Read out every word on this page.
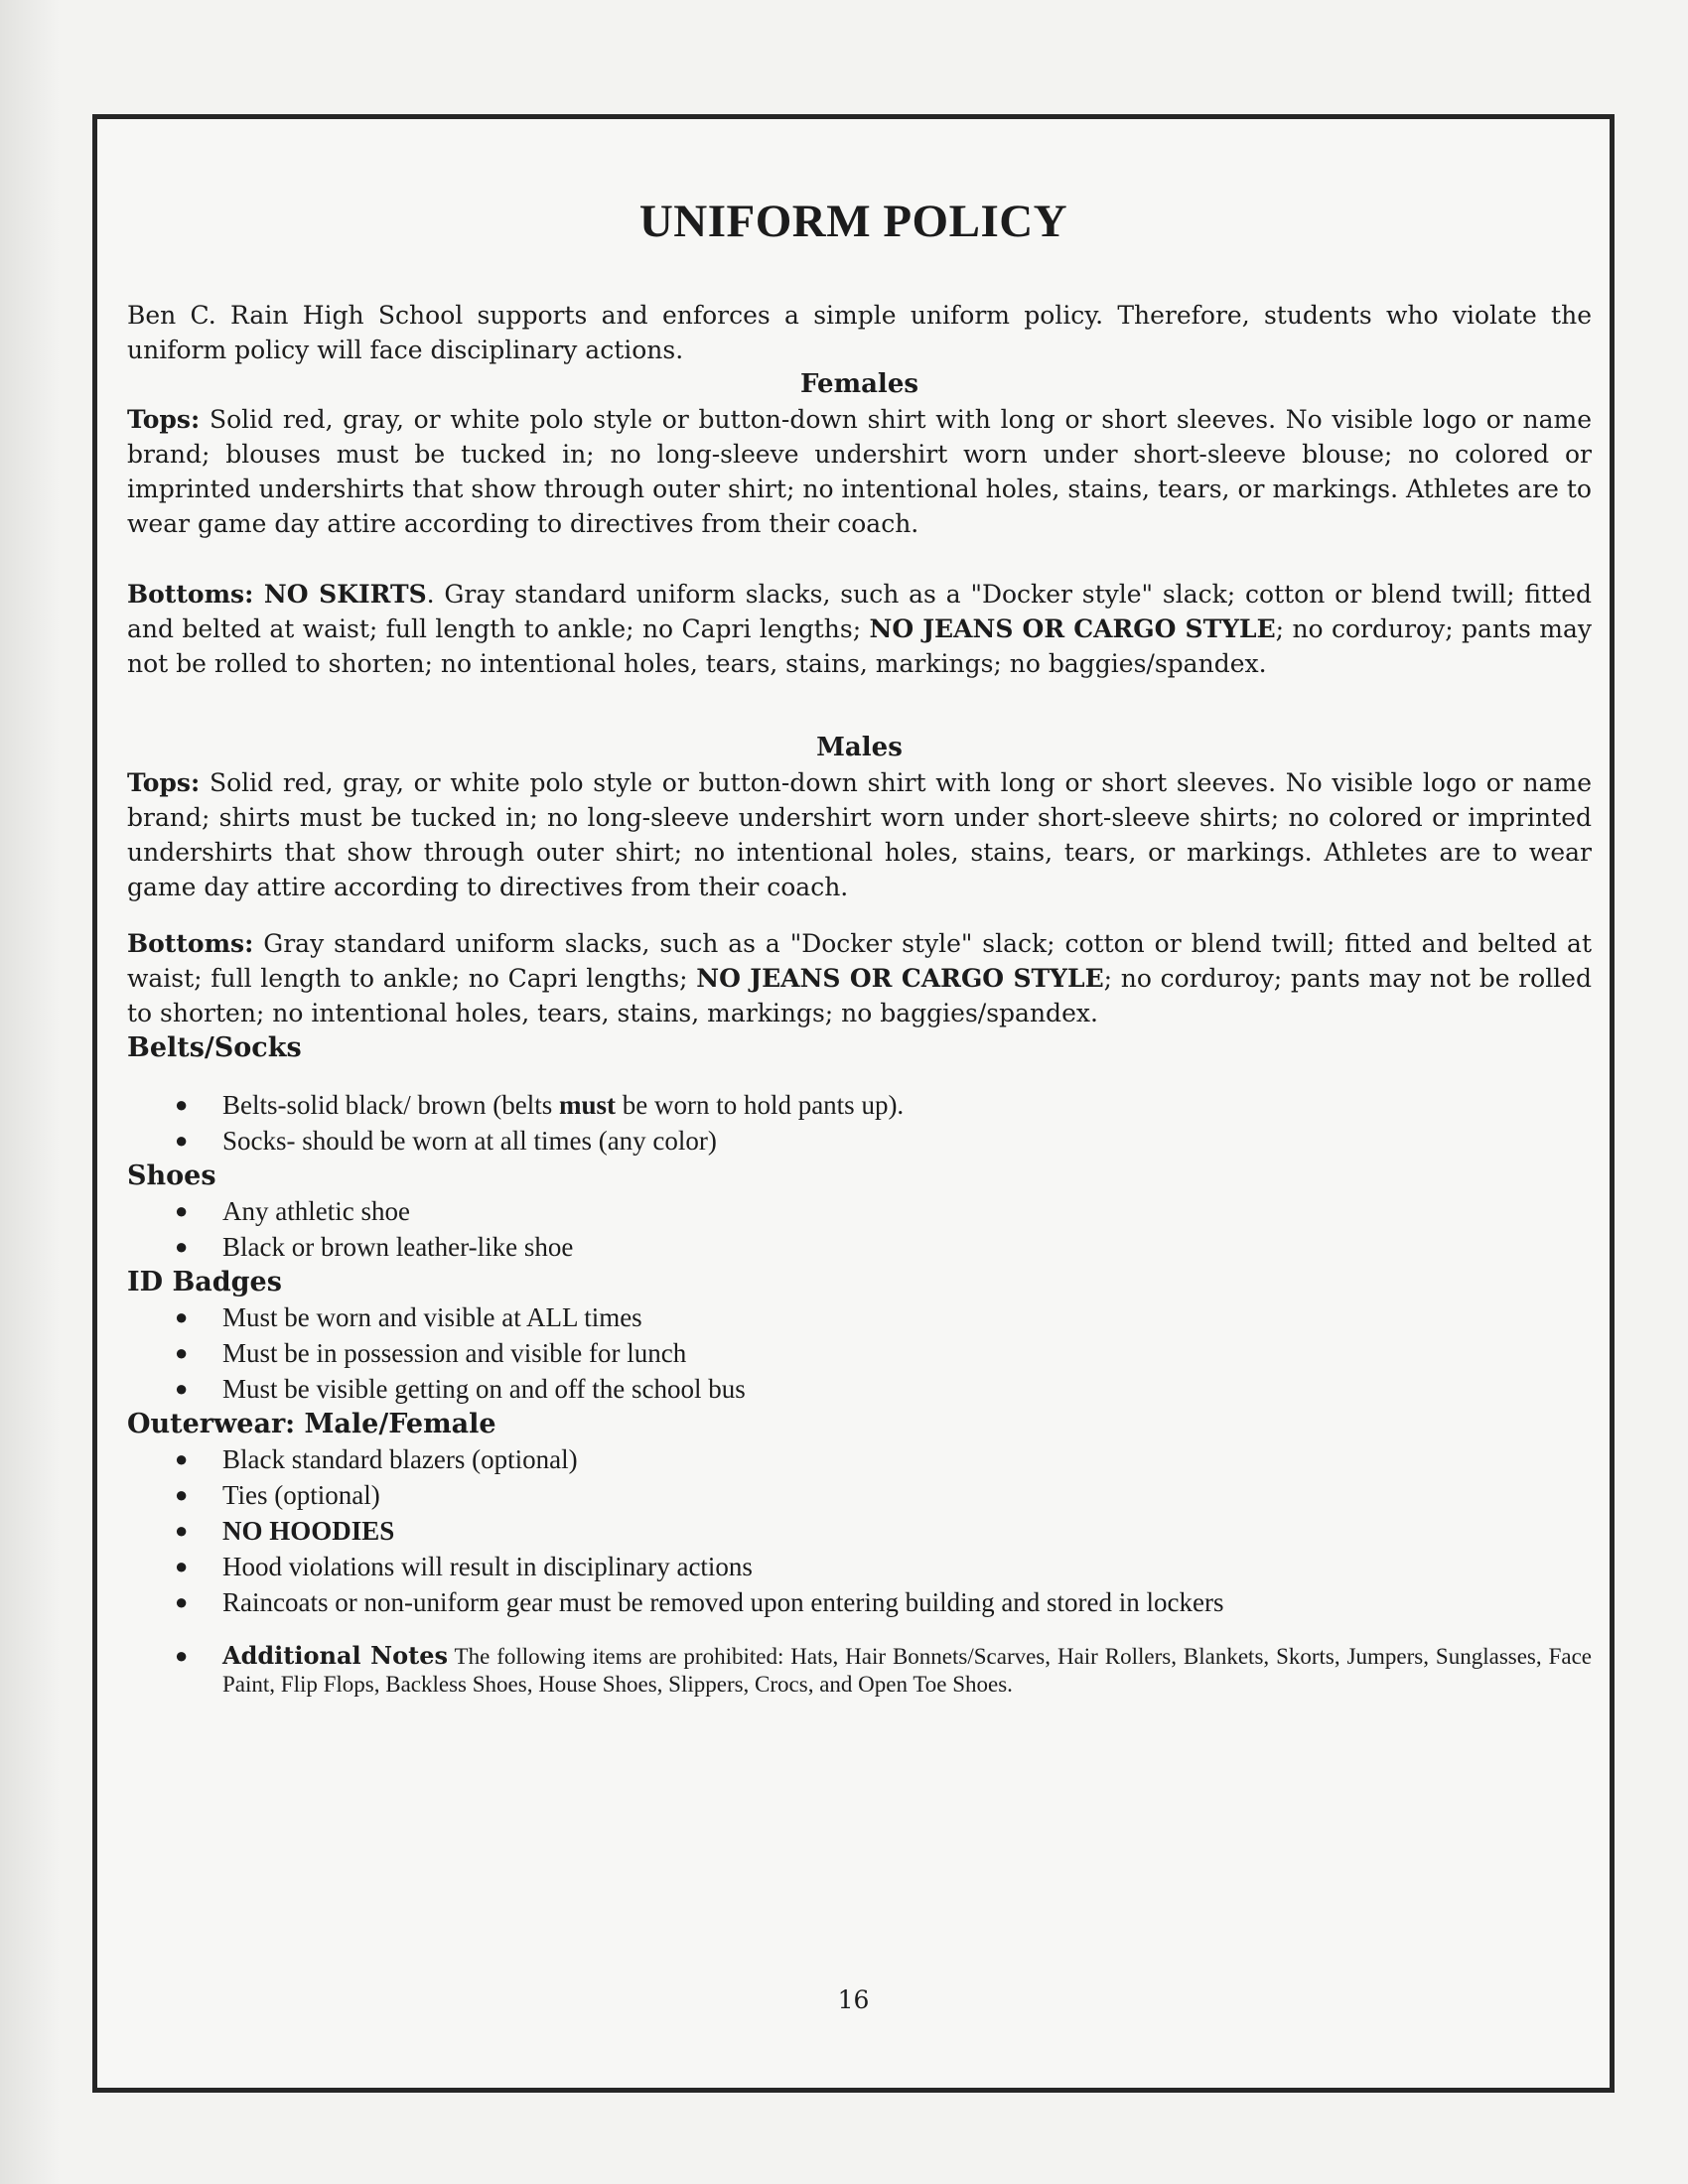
UNIFORM POLICY

Ben C. Rain High School supports and enforces a simple uniform policy. Therefore, students who violate the uniform policy will face disciplinary actions.

Females

Tops: Solid red, gray, or white polo style or button-down shirt with long or short sleeves. No visible logo or name brand; blouses must be tucked in; no long-sleeve undershirt worn under short-sleeve blouse; no colored or imprinted undershirts that show through outer shirt; no intentional holes, stains, tears, or markings. Athletes are to wear game day attire according to directives from their coach.

Bottoms: NO SKIRTS. Gray standard uniform slacks, such as a "Docker style" slack; cotton or blend twill; fitted and belted at waist; full length to ankle; no Capri lengths; NO JEANS OR CARGO STYLE; no corduroy; pants may not be rolled to shorten; no intentional holes, tears, stains, markings; no baggies/spandex.

Males

Tops: Solid red, gray, or white polo style or button-down shirt with long or short sleeves. No visible logo or name brand; shirts must be tucked in; no long-sleeve undershirt worn under short-sleeve shirts; no colored or imprinted undershirts that show through outer shirt; no intentional holes, stains, tears, or markings. Athletes are to wear game day attire according to directives from their coach.

Bottoms: Gray standard uniform slacks, such as a "Docker style" slack; cotton or blend twill; fitted and belted at waist; full length to ankle; no Capri lengths; NO JEANS OR CARGO STYLE; no corduroy; pants may not be rolled to shorten; no intentional holes, tears, stains, markings; no baggies/spandex.

Belts/Socks

● Belts-solid black/ brown (belts must be worn to hold pants up).
● Socks- should be worn at all times (any color)

Shoes

● Any athletic shoe
● Black or brown leather-like shoe

ID Badges

● Must be worn and visible at ALL times
● Must be in possession and visible for lunch
● Must be visible getting on and off the school bus

Outerwear: Male/Female

● Black standard blazers (optional)
● Ties (optional)
● NO HOODIES
● Hood violations will result in disciplinary actions
● Raincoats or non-uniform gear must be removed upon entering building and stored in lockers
● Additional Notes The following items are prohibited: Hats, Hair Bonnets/Scarves, Hair Rollers, Blankets, Skorts, Jumpers, Sunglasses, Face Paint, Flip Flops, Backless Shoes, House Shoes, Slippers, Crocs, and Open Toe Shoes.
16
